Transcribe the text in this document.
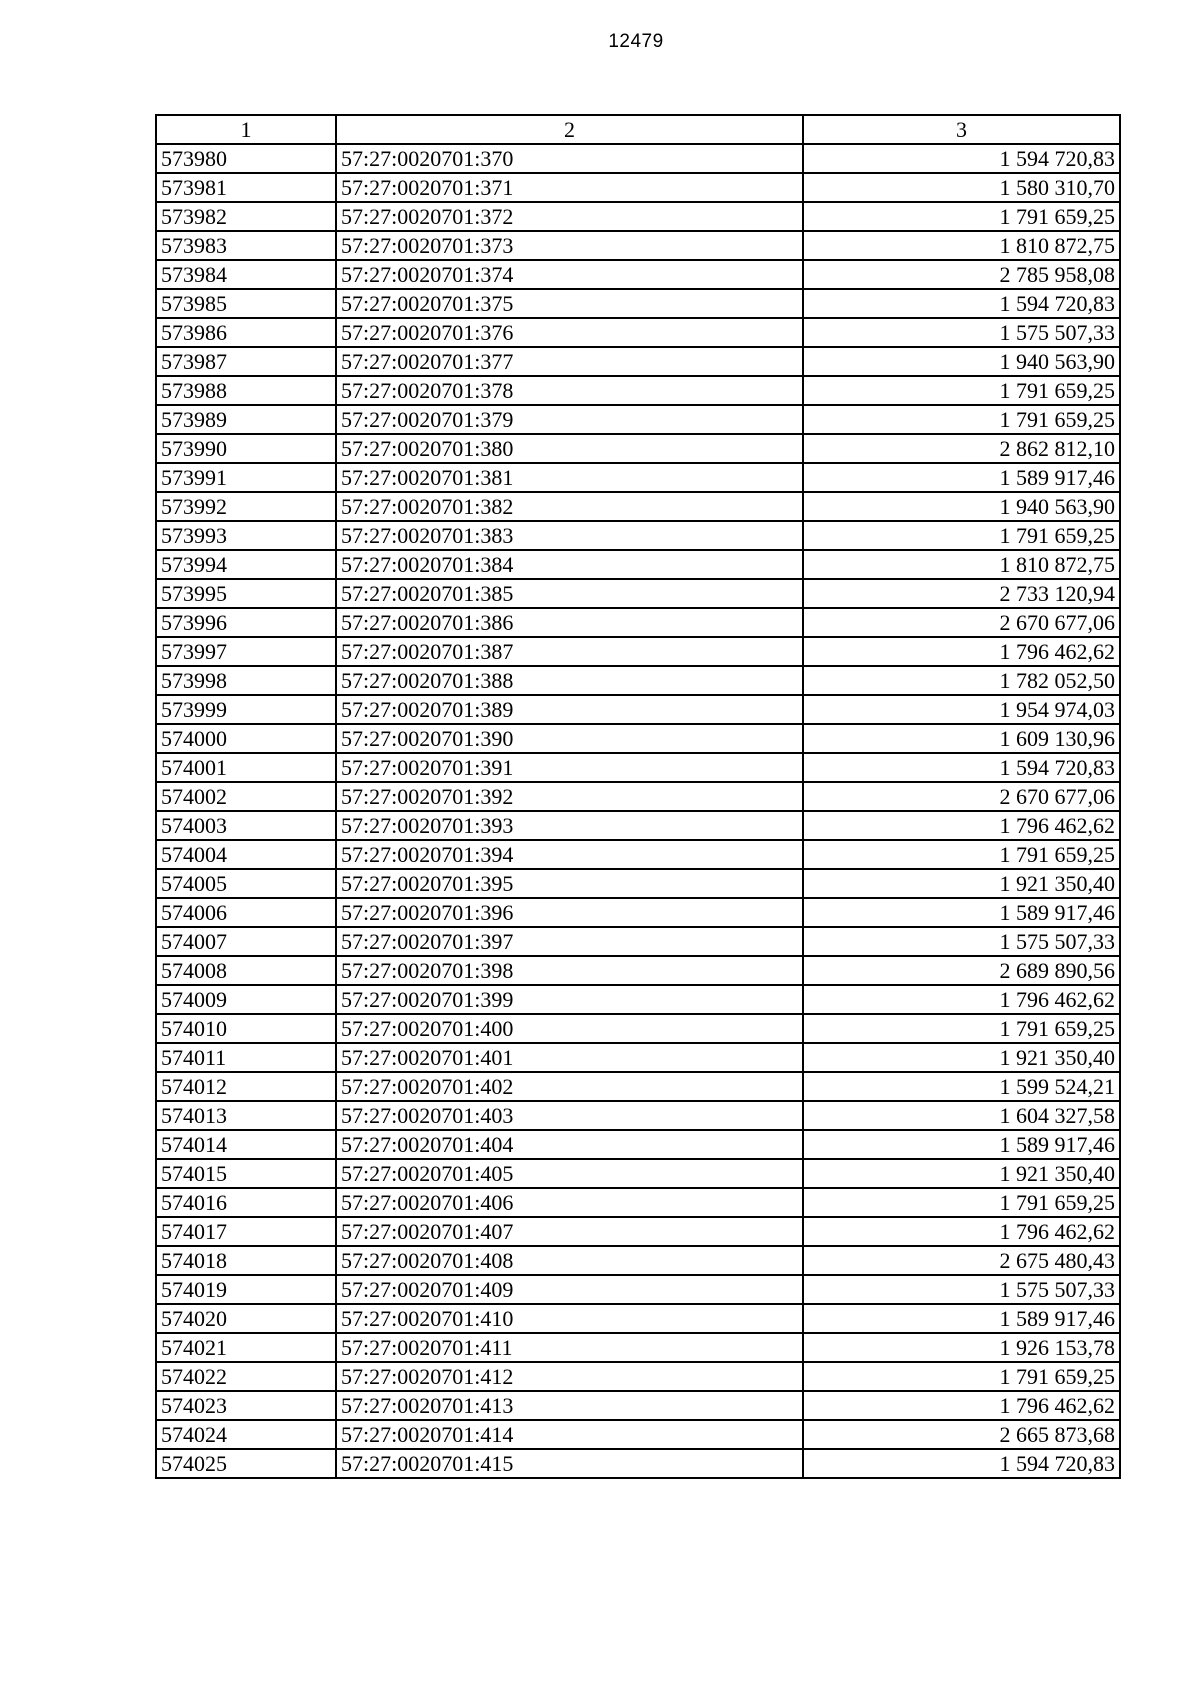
12479
1	2	3
573980	57:27:0020701:370	1 594 720,83
573981	57:27:0020701:371	1 580 310,70
573982	57:27:0020701:372	1 791 659,25
573983	57:27:0020701:373	1 810 872,75
573984	57:27:0020701:374	2 785 958,08
573985	57:27:0020701:375	1 594 720,83
573986	57:27:0020701:376	1 575 507,33
573987	57:27:0020701:377	1 940 563,90
573988	57:27:0020701:378	1 791 659,25
573989	57:27:0020701:379	1 791 659,25
573990	57:27:0020701:380	2 862 812,10
573991	57:27:0020701:381	1 589 917,46
573992	57:27:0020701:382	1 940 563,90
573993	57:27:0020701:383	1 791 659,25
573994	57:27:0020701:384	1 810 872,75
573995	57:27:0020701:385	2 733 120,94
573996	57:27:0020701:386	2 670 677,06
573997	57:27:0020701:387	1 796 462,62
573998	57:27:0020701:388	1 782 052,50
573999	57:27:0020701:389	1 954 974,03
574000	57:27:0020701:390	1 609 130,96
574001	57:27:0020701:391	1 594 720,83
574002	57:27:0020701:392	2 670 677,06
574003	57:27:0020701:393	1 796 462,62
574004	57:27:0020701:394	1 791 659,25
574005	57:27:0020701:395	1 921 350,40
574006	57:27:0020701:396	1 589 917,46
574007	57:27:0020701:397	1 575 507,33
574008	57:27:0020701:398	2 689 890,56
574009	57:27:0020701:399	1 796 462,62
574010	57:27:0020701:400	1 791 659,25
574011	57:27:0020701:401	1 921 350,40
574012	57:27:0020701:402	1 599 524,21
574013	57:27:0020701:403	1 604 327,58
574014	57:27:0020701:404	1 589 917,46
574015	57:27:0020701:405	1 921 350,40
574016	57:27:0020701:406	1 791 659,25
574017	57:27:0020701:407	1 796 462,62
574018	57:27:0020701:408	2 675 480,43
574019	57:27:0020701:409	1 575 507,33
574020	57:27:0020701:410	1 589 917,46
574021	57:27:0020701:411	1 926 153,78
574022	57:27:0020701:412	1 791 659,25
574023	57:27:0020701:413	1 796 462,62
574024	57:27:0020701:414	2 665 873,68
574025	57:27:0020701:415	1 594 720,83
